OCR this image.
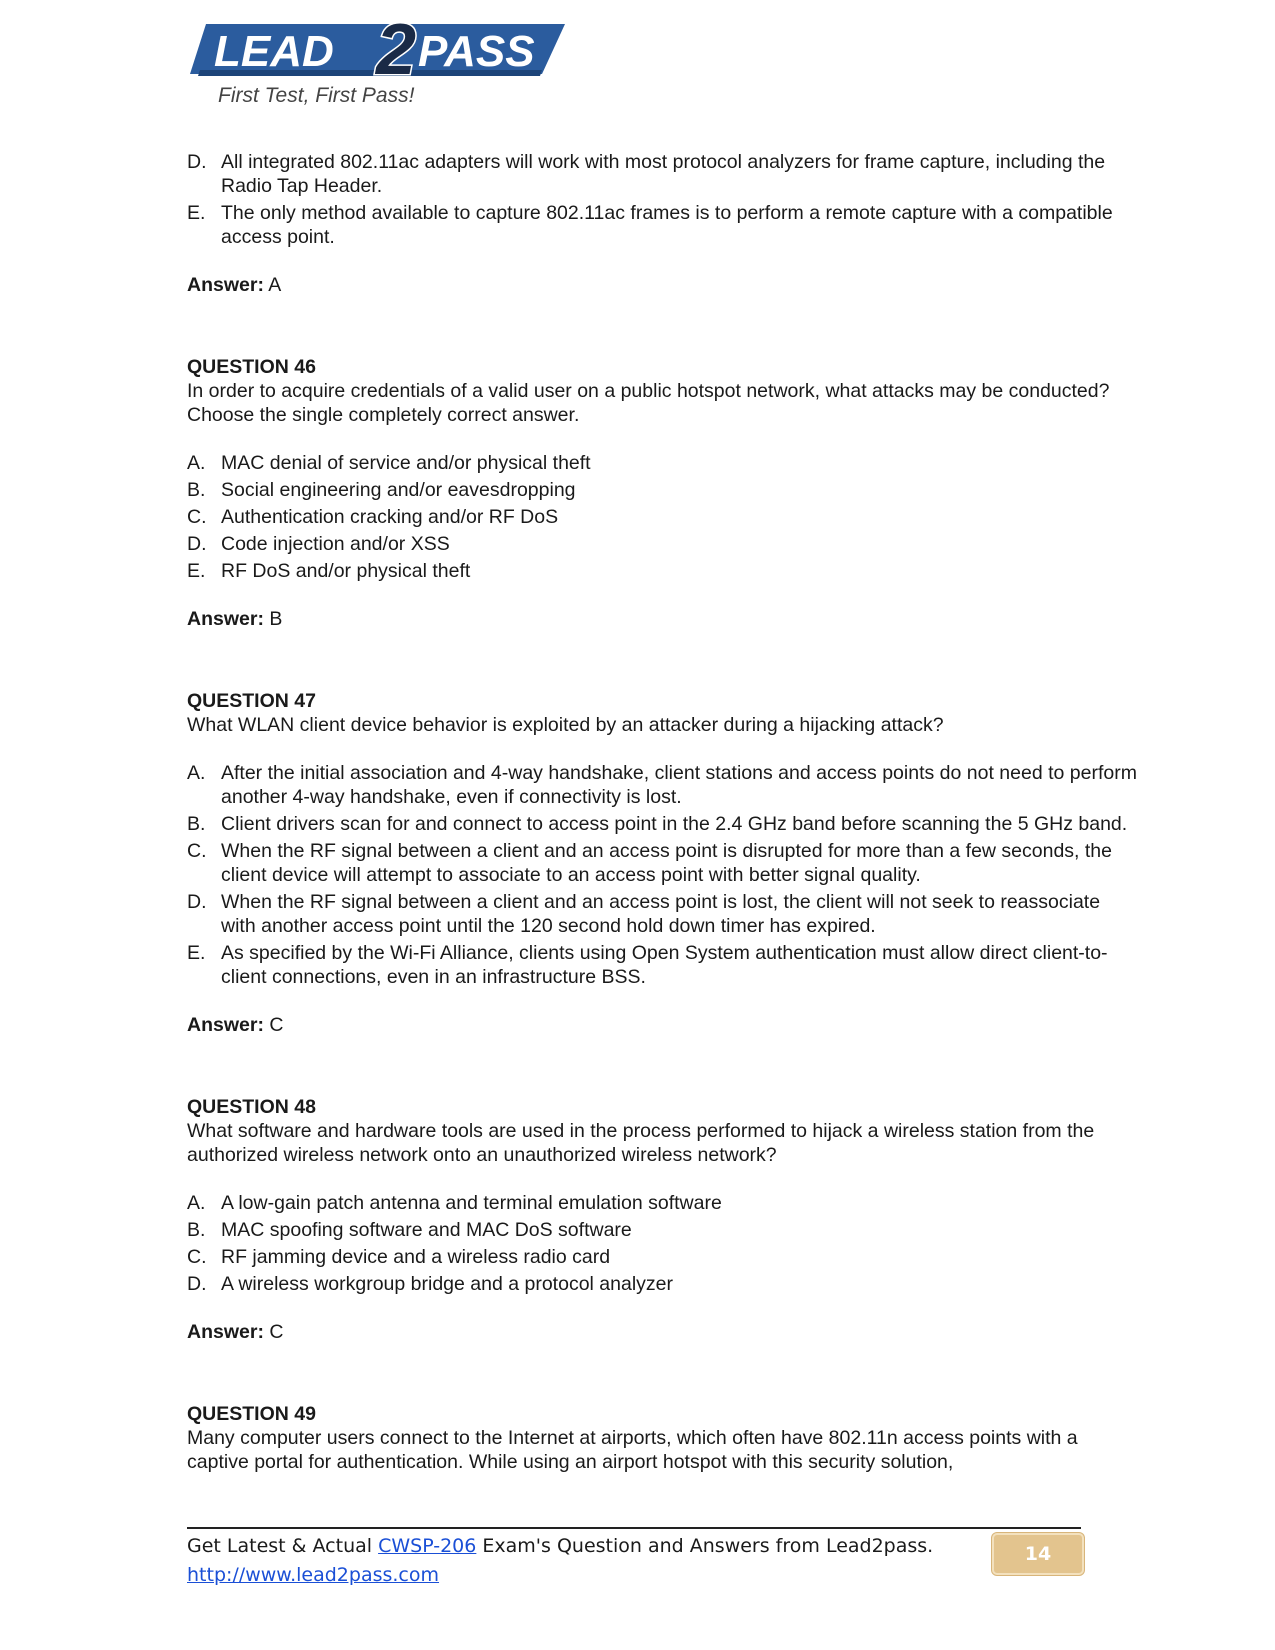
LEAD 2 PASS
First Test, First Pass!
D. All integrated 802.11ac adapters will work with most protocol analyzers for frame capture, including the Radio Tap Header.
E. The only method available to capture 802.11ac frames is to perform a remote capture with a compatible access point.
Answer: A
QUESTION 46

In order to acquire credentials of a valid user on a public hotspot network, what attacks may be conducted? Choose the single completely correct answer.

A. MAC denial of service and/or physical theft
B. Social engineering and/or eavesdropping
C. Authentication cracking and/or RF DoS
D. Code injection and/or XSS
E. RF DoS and/or physical theft
Answer: B
QUESTION 47

What WLAN client device behavior is exploited by an attacker during a hijacking attack?

A. After the initial association and 4-way handshake, client stations and access points do not need to perform another 4-way handshake, even if connectivity is lost.
B. Client drivers scan for and connect to access point in the 2.4 GHz band before scanning the 5 GHz band.
C. When the RF signal between a client and an access point is disrupted for more than a few seconds, the client device will attempt to associate to an access point with better signal quality.
D. When the RF signal between a client and an access point is lost, the client will not seek to reassociate with another access point until the 120 second hold down timer has expired.
E. As specified by the Wi-Fi Alliance, clients using Open System authentication must allow direct client-to-client connections, even in an infrastructure BSS.
Answer: C
QUESTION 48

What software and hardware tools are used in the process performed to hijack a wireless station from the authorized wireless network onto an unauthorized wireless network?

A. A low-gain patch antenna and terminal emulation software
B. MAC spoofing software and MAC DoS software
C. RF jamming device and a wireless radio card
D. A wireless workgroup bridge and a protocol analyzer
Answer: C
QUESTION 49

Many computer users connect to the Internet at airports, which often have 802.11n access points with a captive portal for authentication. While using an airport hotspot with this security solution,

Get Latest & Actual CWSP-206 Exam's Question and Answers from Lead2pass.
http://www.lead2pass.com
14
